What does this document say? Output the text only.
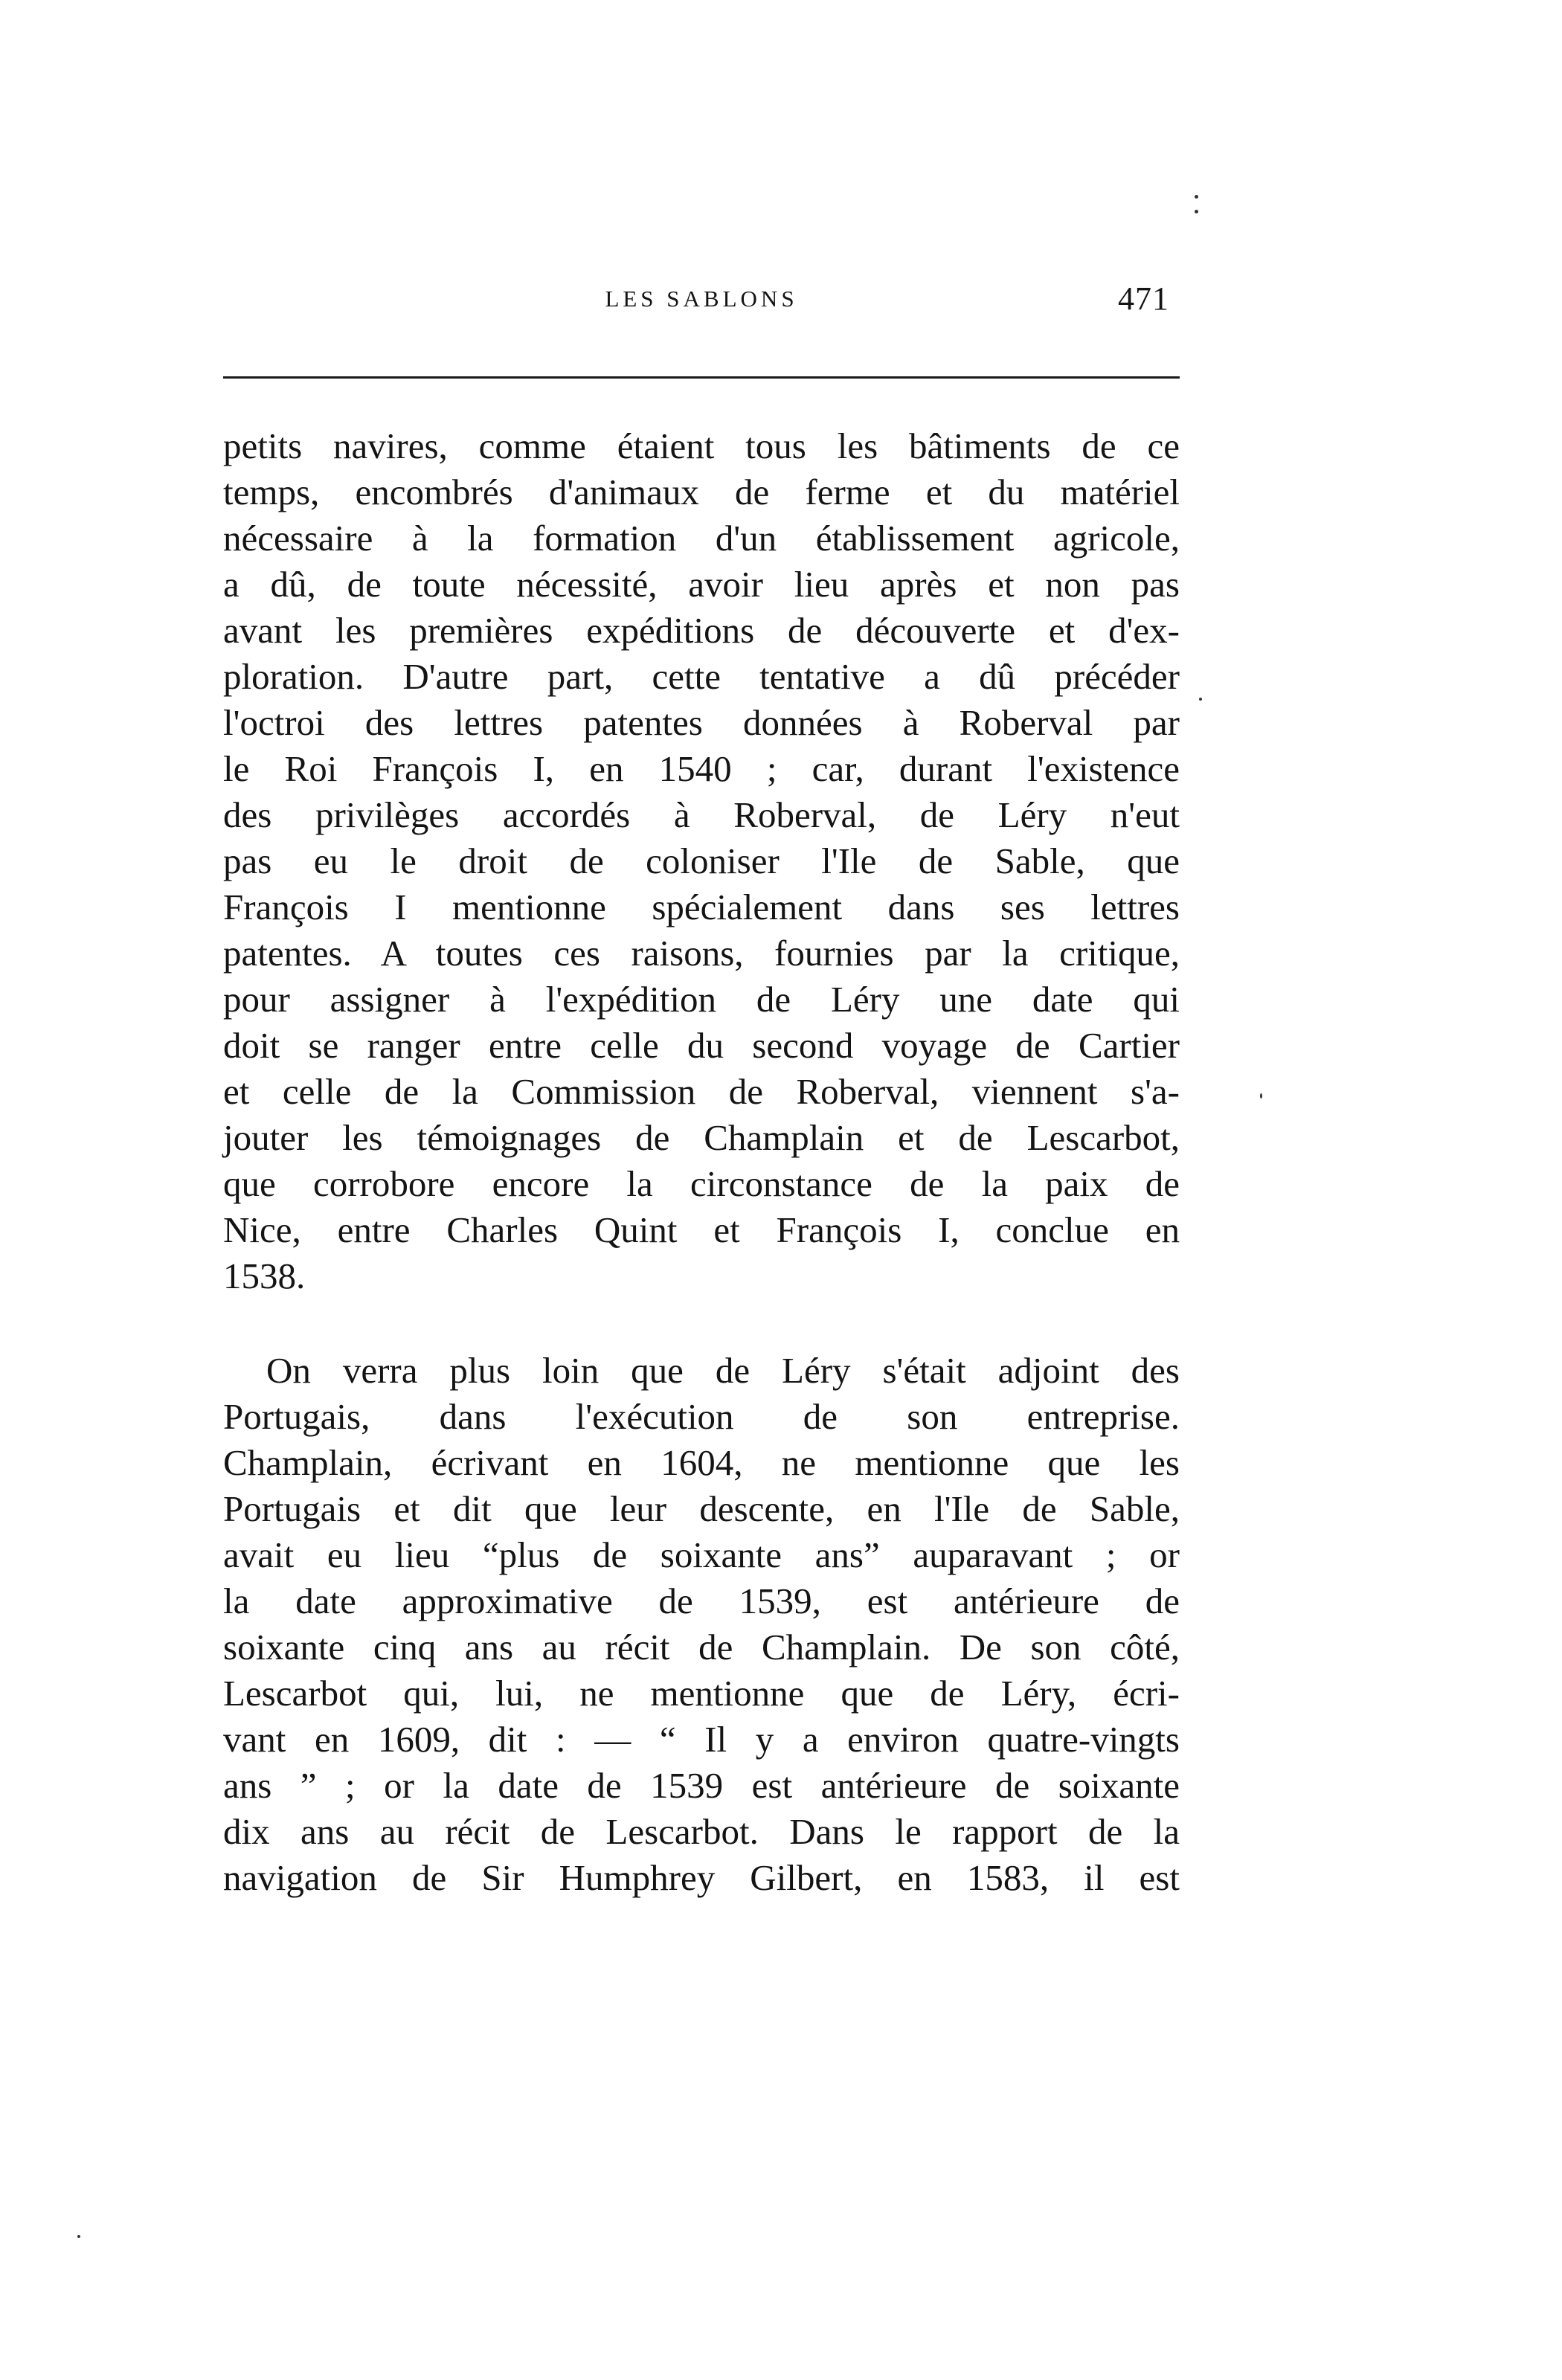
LES SABLONS	471
petits navires, comme étaient tous les bâtiments de ce
temps, encombrés d'animaux de ferme et du matériel
nécessaire à la formation d'un établissement agricole,
a dû, de toute nécessité, avoir lieu après et non pas
avant les premières expéditions de découverte et d'ex-
ploration. D'autre part, cette tentative a dû précéder
l'octroi des lettres patentes données à Roberval par
le Roi François I, en 1540 ; car, durant l'existence
des privilèges accordés à Roberval, de Léry n'eut
pas eu le droit de coloniser l'Ile de Sable, que
François I mentionne spécialement dans ses lettres
patentes. A toutes ces raisons, fournies par la critique,
pour assigner à l'expédition de Léry une date qui
doit se ranger entre celle du second voyage de Cartier
et celle de la Commission de Roberval, viennent s'a-
jouter les témoignages de Champlain et de Lescarbot,
que corrobore encore la circonstance de la paix de
Nice, entre Charles Quint et François I, conclue en
1538.
On verra plus loin que de Léry s'était adjoint des
Portugais, dans l'exécution de son entreprise.
Champlain, écrivant en 1604, ne mentionne que les
Portugais et dit que leur descente, en l'Ile de Sable,
avait eu lieu “plus de soixante ans” auparavant ; or
la date approximative de 1539, est antérieure de
soixante cinq ans au récit de Champlain. De son côté,
Lescarbot qui, lui, ne mentionne que de Léry, écri-
vant en 1609, dit : — “ Il y a environ quatre-vingts
ans ” ; or la date de 1539 est antérieure de soixante
dix ans au récit de Lescarbot. Dans le rapport de la
navigation de Sir Humphrey Gilbert, en 1583, il est
